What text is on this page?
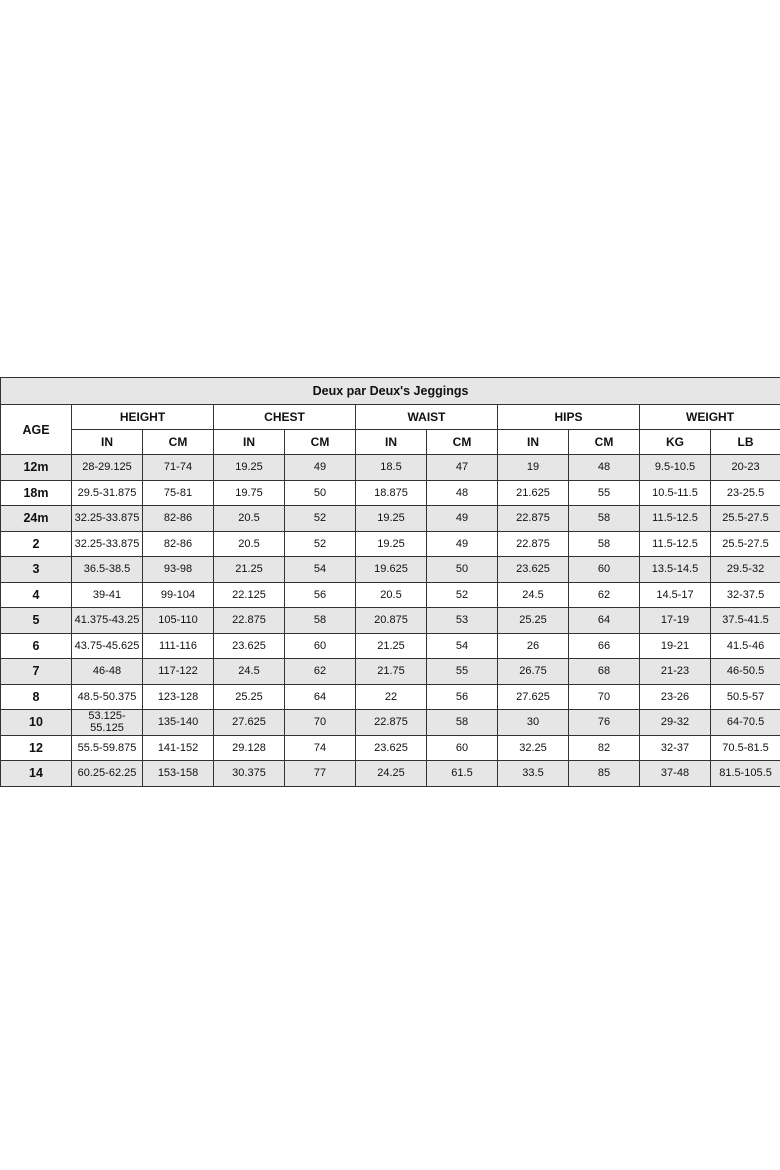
Deux par Deux's Jeggings										
AGE	HEIGHT		CHEST		WAIST		HIPS		WEIGHT	
	IN	CM	IN	CM	IN	CM	IN	CM	KG	LB
12m	28-29.125	71-74	19.25	49	18.5	47	19	48	9.5-10.5	20-23
18m	29.5-31.875	75-81	19.75	50	18.875	48	21.625	55	10.5-11.5	23-25.5
24m	32.25-33.875	82-86	20.5	52	19.25	49	22.875	58	11.5-12.5	25.5-27.5
2	32.25-33.875	82-86	20.5	52	19.25	49	22.875	58	11.5-12.5	25.5-27.5
3	36.5-38.5	93-98	21.25	54	19.625	50	23.625	60	13.5-14.5	29.5-32
4	39-41	99-104	22.125	56	20.5	52	24.5	62	14.5-17	32-37.5
5	41.375-43.25	105-110	22.875	58	20.875	53	25.25	64	17-19	37.5-41.5
6	43.75-45.625	111-116	23.625	60	21.25	54	26	66	19-21	41.5-46
7	46-48	117-122	24.5	62	21.75	55	26.75	68	21-23	46-50.5
8	48.5-50.375	123-128	25.25	64	22	56	27.625	70	23-26	50.5-57
10	53.125-55.125	135-140	27.625	70	22.875	58	30	76	29-32	64-70.5
12	55.5-59.875	141-152	29.128	74	23.625	60	32.25	82	32-37	70.5-81.5
14	60.25-62.25	153-158	30.375	77	24.25	61.5	33.5	85	37-48	81.5-105.5
